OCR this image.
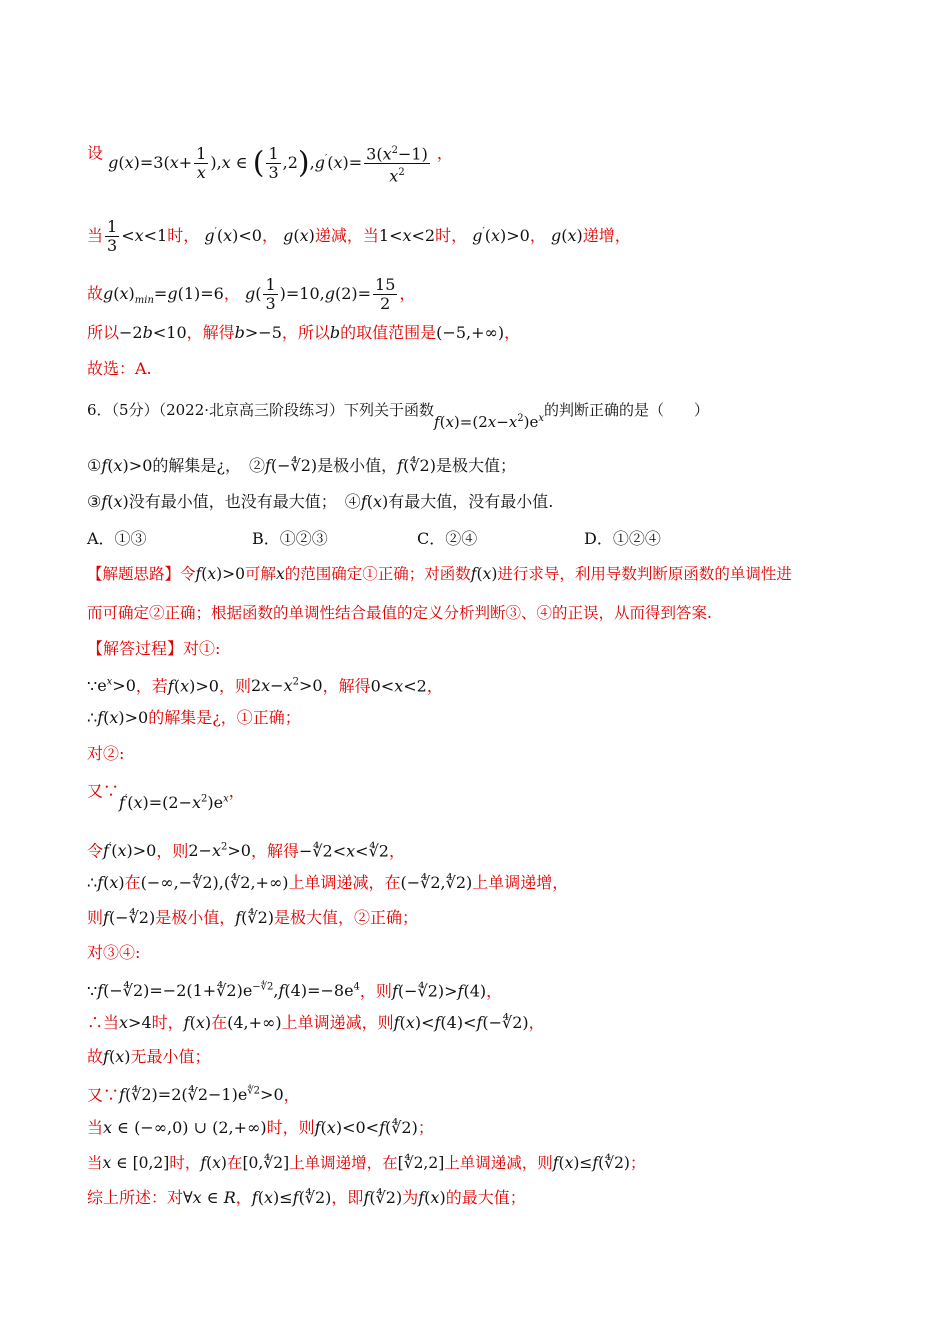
设 $g(x)=3(x+ \frac{1}{x} ),x$ ∈ ( $\frac{1}{3} ,2),g'(x)= \frac{3(x^2-1)}{x^2}$ ，
当 $\frac{1}{3} <x<1$时， g′(x)<0， g(x)递减，当1<x<2时， g′(x)>0， g(x)递增，
故$g(x)_{min}=g(1)=6$， $g( \frac{1}{3} )=10,g(2)= \frac{15}{2}$ ，
所以−2b<10，解得b>−5，所以b的取值范围是(−5,+∞)，
故选：A.
6．（5分）（2022·北京高三阶段练习）下列关于函数$f(x)=(2x-x^2)e^x$的判断正确的是（　　）
①f(x)>0的解集是¿，　②f(−∜2)是极小值，f(∜2)是极大值；
③f(x)没有最小值，也没有最大值；　④f(x)有最大值，没有最小值.
A．①③	B．①②③	C．②④	D．①②④
【解题思路】令f(x)>0可解x的范围确定①正确；对函数f(x)进行求导，利用导数判断原函数的单调性进
而可确定②正确；根据函数的单调性结合最值的定义分析判断③、④的正误，从而得到答案.
【解答过程】对①:
$\because e^x>0$，若f(x)>0，则$2x-x^2>0$，解得0<x<2，
∴f(x)>0的解集是¿，①正确；
对②:
又$\because f'(x)=(2-x^2)e^x$，
令f′(x)>0，则$2-x^2>0$，解得−∜2<x<∜2，
∴f(x)在(−∞,−∜2),(∜2,+∞)上单调递减，在(−∜2,∜2)上单调递增，
则f(−∜2)是极小值，f(∜2)是极大值，②正确；
对③④:
$\because f(-∜2)=-2(1+∜2)e^{-∜2},f(4)=-8e^4$，则f(−∜2)>f(4)，
∴当x>4时，f(x)在(4,+∞)上单调递减，则f(x)<f(4)<f(−∜2)，
故f(x)无最小值；
又$\because f(∜2)=2(∜2-1)e^{∜2}>0$，
当x ∈ (−∞,0) ∪ (2,+∞)时，则f(x)<0<f(∜2)；
当x ∈ [0,2]时，f(x)在[0,∜2]上单调递增，在[∜2,2]上单调递减，则f(x)≤f(∜2)；
综上所述：对∀x ∈ R，f(x)≤f(∜2)，即f(∜2)为f(x)的最大值；
